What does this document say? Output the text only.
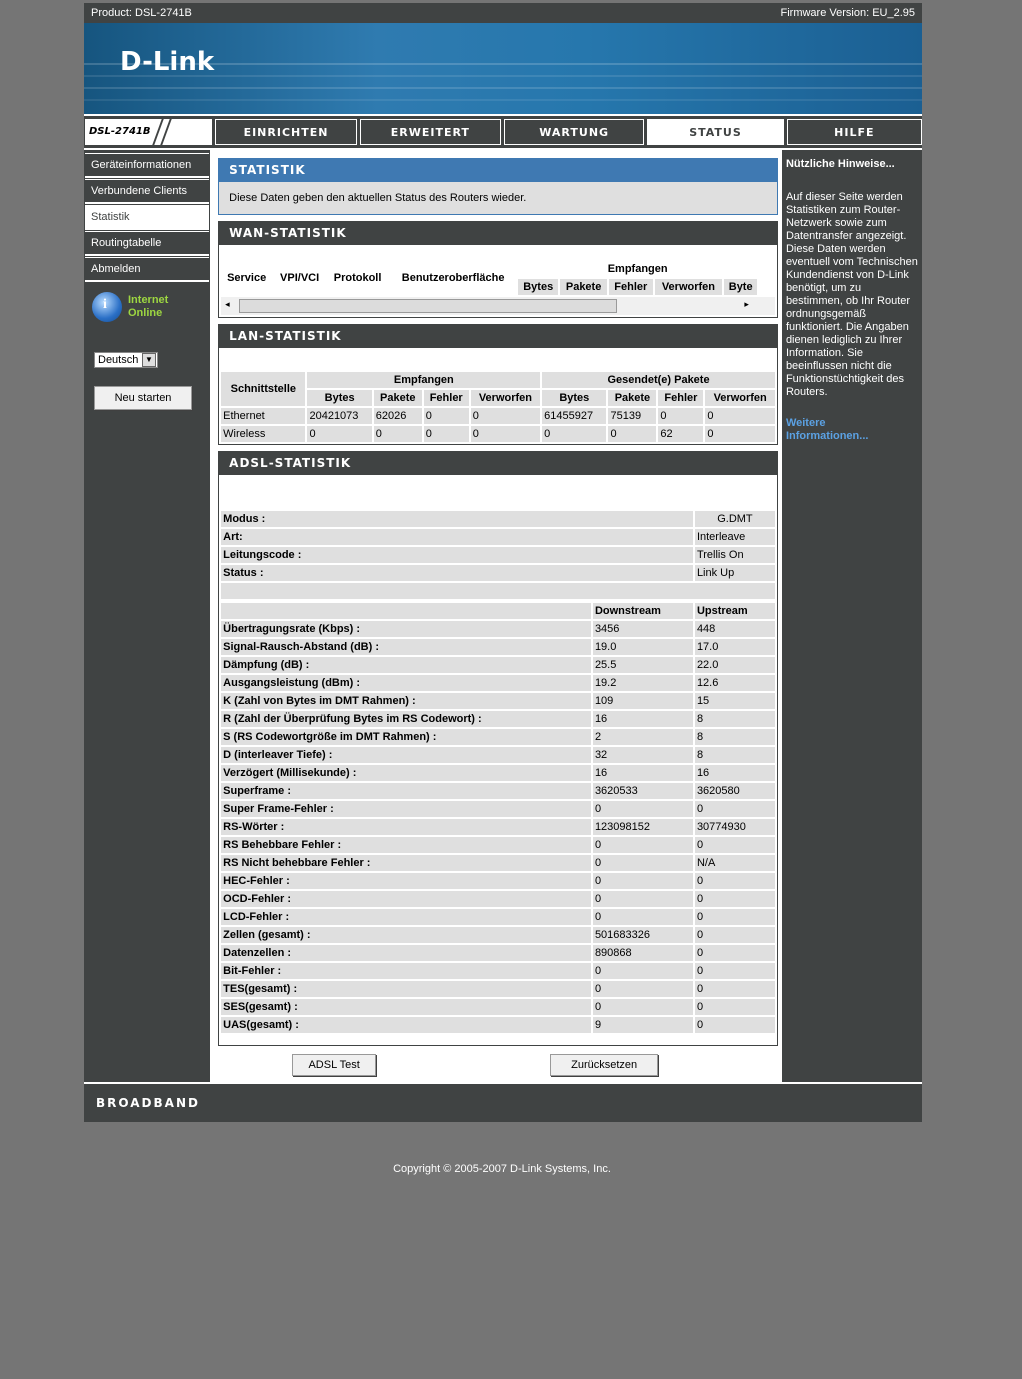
Product: DSL-2741B	Firmware Version: EU_2.95
D-Link
DSL-2741B	EINRICHTEN	ERWEITERT	WARTUNG	STATUS	HILFE
Geräteinformationen
Verbundene Clients
Statistik
Routingtabelle
Abmelden
i Internet
Online
Deutsch ▼
Neu starten
STATISTIK
Diese Daten geben den aktuellen Status des Routers wieder.
WAN-STATISTIK
Service	VPI/VCI	Protokoll	Benutzeroberfläche	Empfangen				
				Bytes	Pakete	Fehler	Verworfen	Byte
◂	▸
LAN-STATISTIK
Schnittstelle	Empfangen				Gesendet(e) Pakete			
	Bytes	Pakete	Fehler	Verworfen	Bytes	Pakete	Fehler	Verworfen
Ethernet	20421073	62026	0	0	61455927	75139	0	0
Wireless	0	0	0	0	0	0	62	0
ADSL-STATISTIK
Modus :	G.DMT
Art:	Interleave
Leitungscode :	Trellis On
Status :	Link Up

	Downstream	Upstream
Übertragungsrate (Kbps) :	3456	448
Signal-Rausch-Abstand (dB) :	19.0	17.0
Dämpfung (dB) :	25.5	22.0
Ausgangsleistung (dBm) :	19.2	12.6
K (Zahl von Bytes im DMT Rahmen) :	109	15
R (Zahl der Überprüfung Bytes im RS Codewort) :	16	8
S (RS Codewortgröße im DMT Rahmen) :	2	8
D (interleaver Tiefe) :	32	8
Verzögert (Millisekunde) :	16	16
Superframe :	3620533	3620580
Super Frame-Fehler :	0	0
RS-Wörter :	123098152	30774930
RS Behebbare Fehler :	0	0
RS Nicht behebbare Fehler :	0	N/A
HEC-Fehler :	0	0
OCD-Fehler :	0	0
LCD-Fehler :	0	0
Zellen (gesamt) :	501683326	0
Datenzellen :	890868	0
Bit-Fehler :	0	0
TES(gesamt) :	0	0
SES(gesamt) :	0	0
UAS(gesamt) :	9	0
ADSL Test	Zurücksetzen
Nützliche Hinweise...
Auf dieser Seite werden Statistiken zum Router-Netzwerk sowie zum Datentransfer angezeigt. Diese Daten werden eventuell vom Technischen Kundendienst von D-Link benötigt, um zu bestimmen, ob Ihr Router ordnungsgemäß funktioniert. Die Angaben dienen lediglich zu Ihrer Information. Sie beeinflussen nicht die Funktionstüchtigkeit des Routers.
Weitere
Informationen...
BROADBAND
Copyright © 2005-2007 D-Link Systems, Inc.
